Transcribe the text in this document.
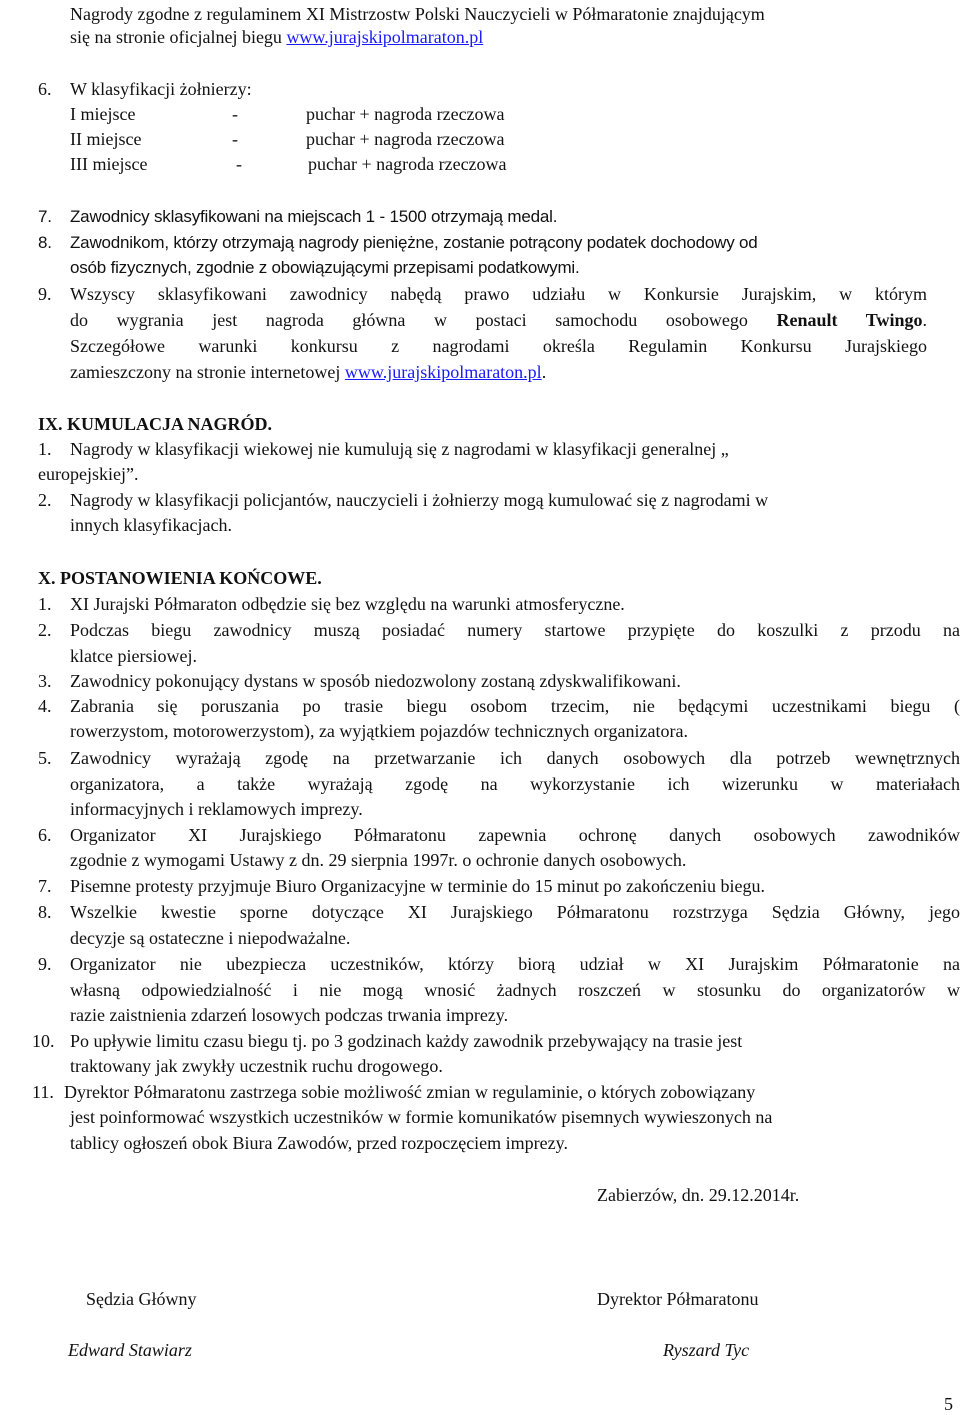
Nagrody zgodne z regulaminem XI Mistrzostw Polski Nauczycieli w Półmaratonie znajdującym
się na stronie oficjalnej biegu www.jurajskipolmaraton.pl
6. W klasyfikacji żołnierzy:
I miejsce	-	puchar + nagroda rzeczowa
II miejsce	-	puchar + nagroda rzeczowa
III miejsce	-	puchar + nagroda rzeczowa
7. Zawodnicy sklasyfikowani na miejscach 1 - 1500 otrzymają medal.
8. Zawodnikom, którzy otrzymają nagrody pieniężne, zostanie potrącony podatek dochodowy od
osób fizycznych, zgodnie z obowiązującymi przepisami podatkowymi.
9. Wszyscy sklasyfikowani zawodnicy nabędą prawo udziału w Konkursie Jurajskim, w którym
do wygrania jest nagroda główna w postaci samochodu osobowego Renault Twingo.
Szczegółowe warunki konkursu z nagrodami określa Regulamin Konkursu Jurajskiego
zamieszczony na stronie internetowej www.jurajskipolmaraton.pl.
IX. KUMULACJA NAGRÓD.
1. Nagrody w klasyfikacji wiekowej nie kumulują się z nagrodami w klasyfikacji generalnej „
europejskiej”.
2. Nagrody w klasyfikacji policjantów, nauczycieli i żołnierzy mogą kumulować się z nagrodami w
innych klasyfikacjach.
X. POSTANOWIENIA KOŃCOWE.
1. XI Jurajski Półmaraton odbędzie się bez względu na warunki atmosferyczne.
2. Podczas biegu zawodnicy muszą posiadać numery startowe przypięte do koszulki z przodu na
klatce piersiowej.
3. Zawodnicy pokonujący dystans w sposób niedozwolony zostaną zdyskwalifikowani.
4. Zabrania się poruszania po trasie biegu osobom trzecim, nie będącymi uczestnikami biegu (
rowerzystom, motorowerzystom), za wyjątkiem pojazdów technicznych organizatora.
5. Zawodnicy wyrażają zgodę na przetwarzanie ich danych osobowych dla potrzeb wewnętrznych
organizatora, a także wyrażają zgodę na wykorzystanie ich wizerunku w materiałach
informacyjnych i reklamowych imprezy.
6. Organizator XI Jurajskiego Półmaratonu zapewnia ochronę danych osobowych zawodników
zgodnie z wymogami Ustawy z dn. 29 sierpnia 1997r. o ochronie danych osobowych.
7. Pisemne protesty przyjmuje Biuro Organizacyjne w terminie do 15 minut po zakończeniu biegu.
8. Wszelkie kwestie sporne dotyczące XI Jurajskiego Półmaratonu rozstrzyga Sędzia Główny, jego
decyzje są ostateczne i niepodważalne.
9. Organizator nie ubezpiecza uczestników, którzy biorą udział w XI Jurajskim Półmaratonie na
własną odpowiedzialność i nie mogą wnosić żadnych roszczeń w stosunku do organizatorów w
razie zaistnienia zdarzeń losowych podczas trwania imprezy.
10. Po upływie limitu czasu biegu tj. po 3 godzinach każdy zawodnik przebywający na trasie jest
traktowany jak zwykły uczestnik ruchu drogowego.
11. Dyrektor Półmaratonu zastrzega sobie możliwość zmian w regulaminie, o których zobowiązany
jest poinformować wszystkich uczestników w formie komunikatów pisemnych wywieszonych na
tablicy ogłoszeń obok Biura Zawodów, przed rozpoczęciem imprezy.
Zabierzów, dn. 29.12.2014r.
Sędzia Główny
Edward Stawiarz
Dyrektor Półmaratonu
Ryszard Tyc
5
